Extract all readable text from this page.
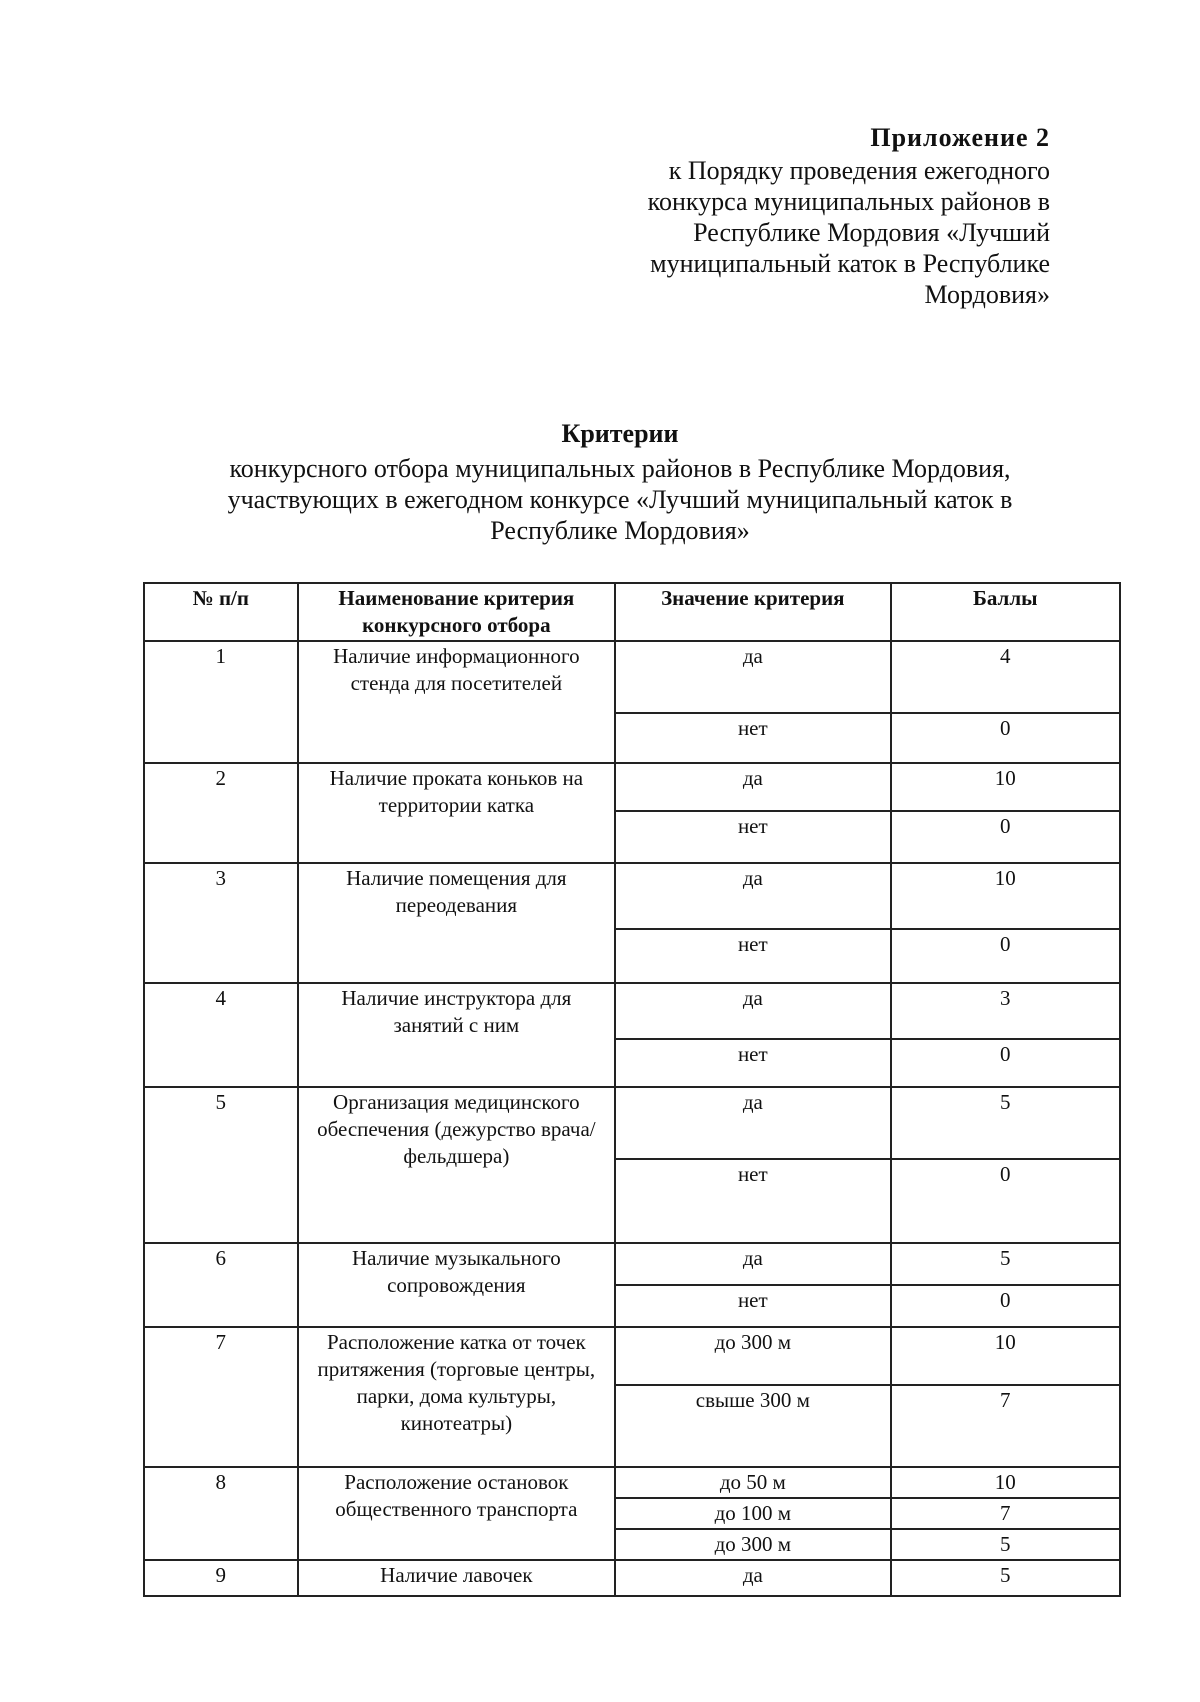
Приложение 2
к Порядку проведения ежегодного
конкурса муниципальных районов в
Республике Мордовия «Лучший
муниципальный каток в Республике
Мордовия»
Критерии
конкурсного отбора муниципальных районов в Республике Мордовия,
участвующих в ежегодном конкурсе «Лучший муниципальный каток в
Республике Мордовия»
№ п/п	Наименование критерия конкурсного отбора	Значение критерия	Баллы
1	Наличие информационного стенда для посетителей	да	4
		нет	0
2	Наличие проката коньков на территории катка	да	10
		нет	0
3	Наличие помещения для переодевания	да	10
		нет	0
4	Наличие инструктора для занятий с ним	да	3
		нет	0
5	Организация медицинского обеспечения (дежурство врача/фельдшера)	да	5
		нет	0
6	Наличие музыкального сопровождения	да	5
		нет	0
7	Расположение катка от точек притяжения (торговые центры, парки, дома культуры, кинотеатры)	до 300 м	10
		свыше 300 м	7
8	Расположение остановок общественного транспорта	до 50 м	10
		до 100 м	7
		до 300 м	5
9	Наличие лавочек	да	5
